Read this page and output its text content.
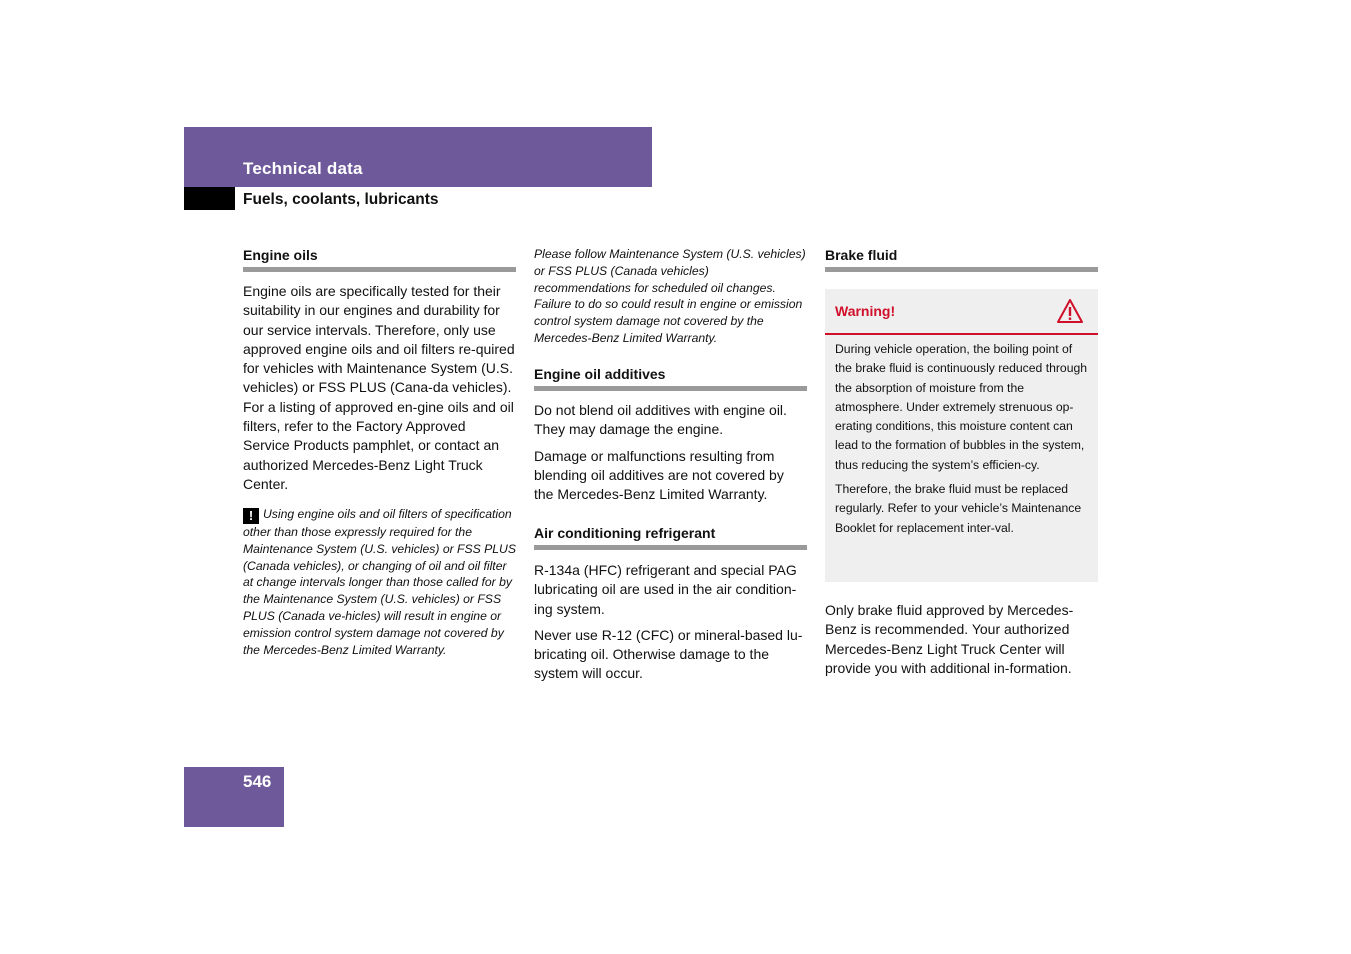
Technical data
Fuels, coolants, lubricants
Engine oils

Engine oils are specifically tested for their suitability in our engines and durability for our service intervals. Therefore, only use approved engine oils and oil filters re-quired for vehicles with Maintenance System (U.S. vehicles) or FSS PLUS (Cana-da vehicles). For a listing of approved en-gine oils and oil filters, refer to the Factory Approved Service Products pamphlet, or contact an authorized Mercedes-Benz Light Truck Center.

! Using engine oils and oil filters of specification other than those expressly required for the Maintenance System (U.S. vehicles) or FSS PLUS (Canada vehicles), or changing of oil and oil filter at change intervals longer than those called for by the Maintenance System (U.S. vehicles) or FSS PLUS (Canada ve-hicles) will result in engine or emission control system damage not covered by the Mercedes-Benz Limited Warranty.
Please follow Maintenance System (U.S. vehicles) or FSS PLUS (Canada vehicles) recommendations for scheduled oil changes. Failure to do so could result in engine or emission control system damage not covered by the Mercedes-Benz Limited Warranty.
Engine oil additives

Do not blend oil additives with engine oil. They may damage the engine.

Damage or malfunctions resulting from blending oil additives are not covered by the Mercedes-Benz Limited Warranty.

Air conditioning refrigerant

R-134a (HFC) refrigerant and special PAG lubricating oil are used in the air condition-ing system.

Never use R-12 (CFC) or mineral-based lu-bricating oil. Otherwise damage to the system will occur.

Brake fluid
Warning!

During vehicle operation, the boiling point of the brake fluid is continuously reduced through the absorption of moisture from the atmosphere. Under extremely strenuous op-erating conditions, this moisture content can lead to the formation of bubbles in the system, thus reducing the system’s efficien-cy.

Therefore, the brake fluid must be replaced regularly. Refer to your vehicle’s Maintenance Booklet for replacement inter-val.

Only brake fluid approved by Mercedes-Benz is recommended. Your authorized Mercedes-Benz Light Truck Center will provide you with additional in-formation.

546
